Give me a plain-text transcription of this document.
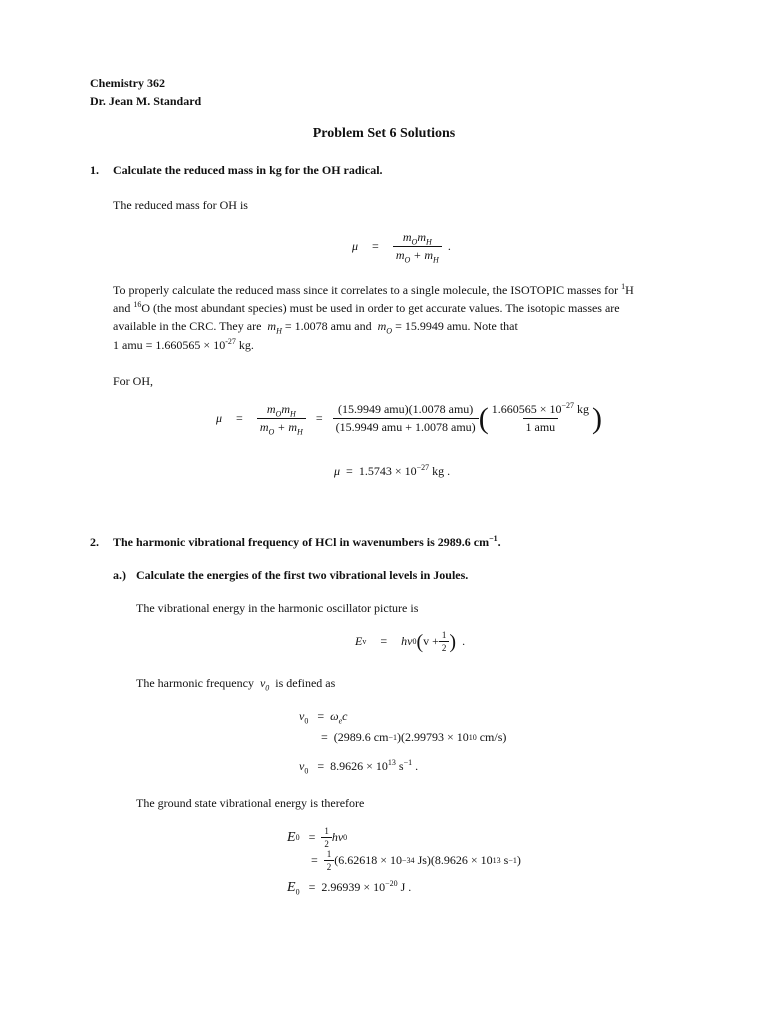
Chemistry 362
Dr. Jean M. Standard
Problem Set 6 Solutions
1. Calculate the reduced mass in kg for the OH radical.
The reduced mass for OH is
$\mu = \frac{m_Om_H}{m_O + m_H}$ .
To properly calculate the reduced mass since it correlates to a single molecule, the ISOTOPIC masses for $^1$H
and $^{16}$O (the most abundant species) must be used in order to get accurate values. The isotopic masses are
available in the CRC. They are  $m_H = 1.0078$ amu and  $m_O = 15.9949$ amu. Note that
1 amu = $1.660565 \times 10^{-27}$ kg.
For OH,
$\mu = \frac{m_Om_H}{m_O + m_H} = \frac{\text{(15.9949 amu)(1.0078 amu)}}{\text{(15.9949 amu + 1.0078 amu)}}$ ( $\frac{1.660565 \times 10^{-27} kg}{\text{1 amu}}$ )
$\mu = 1.5743 \times 10^{-27}$ kg .
2. The harmonic vibrational frequency of HCl in wavenumbers is 2989.6 $cm^{-1}$.
a.) Calculate the energies of the first two vibrational levels in Joules.
The vibrational energy in the harmonic oscillator picture is
E v = hν 0 ( $v + \frac{1}{2}$ ) .
The harmonic frequency  $\nu_0$ is defined as
$\nu_0 = \omega_ec$
=
(2989.6 cm −1 )(2.99793 × 10 10
cm/s)
$\nu_0 = 8.9626 \times 10^{13}$ $s^{-1}$ .
The ground state vibrational energy is therefore
E $0 = \frac{1}{2}$ hν 0
=
$\frac{1}{2} (6.62618 \times 10 -34$
Js)(8.9626 × 10 13 s −1 )
$E_0 = 2.96939 \times 10^{-20}$ J .
